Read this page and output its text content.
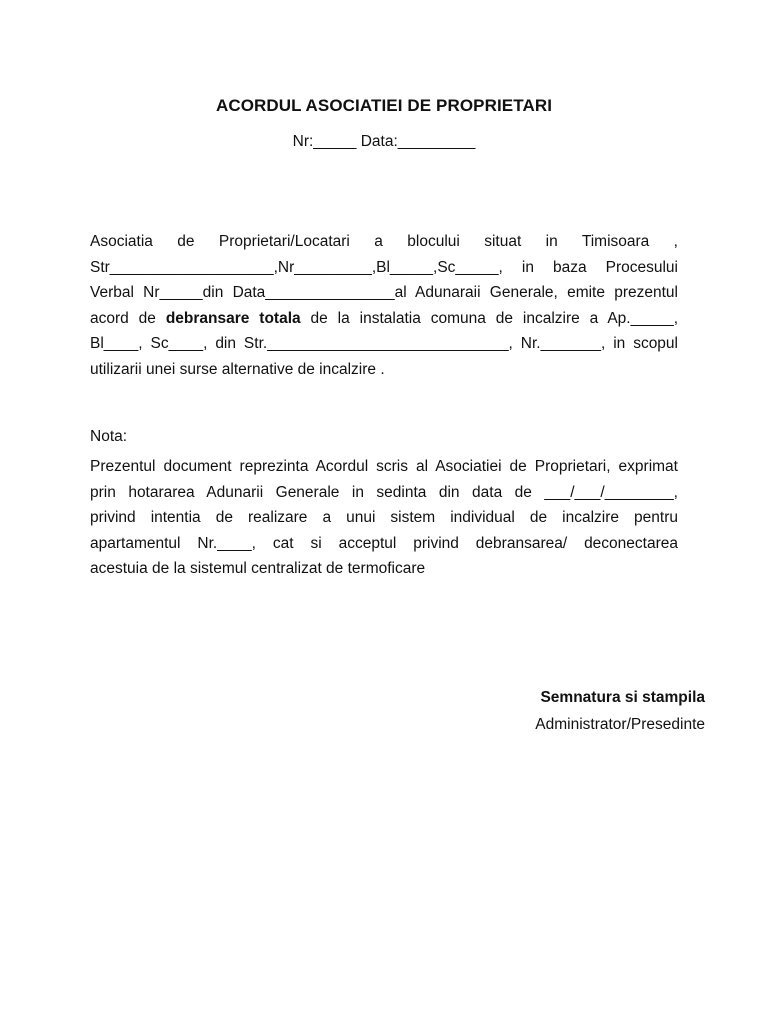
ACORDUL ASOCIATIEI DE PROPRIETARI
Nr:_____ Data:_________
Asociatia de Proprietari/Locatari a blocului situat in Timisoara ,
Str___________________,Nr_________,Bl_____,Sc_____, in baza Procesului
Verbal Nr_____din Data_______________al Adunaraii Generale, emite prezentul
acord de debransare totala de la instalatia comuna de incalzire a Ap._____,
Bl____, Sc____, din Str.____________________________, Nr._______, in scopul
utilizarii unei surse alternative de incalzire .
Nota:
Prezentul document reprezinta Acordul scris al Asociatiei de Proprietari, exprimat
prin hotararea Adunarii Generale in sedinta din data de ___/___/________,
privind intentia de realizare a unui sistem individual de incalzire pentru
apartamentul Nr.____, cat si acceptul privind debransarea/ deconectarea
acestuia de la sistemul centralizat de termoficare
Semnatura si stampila
Administrator/Presedinte
